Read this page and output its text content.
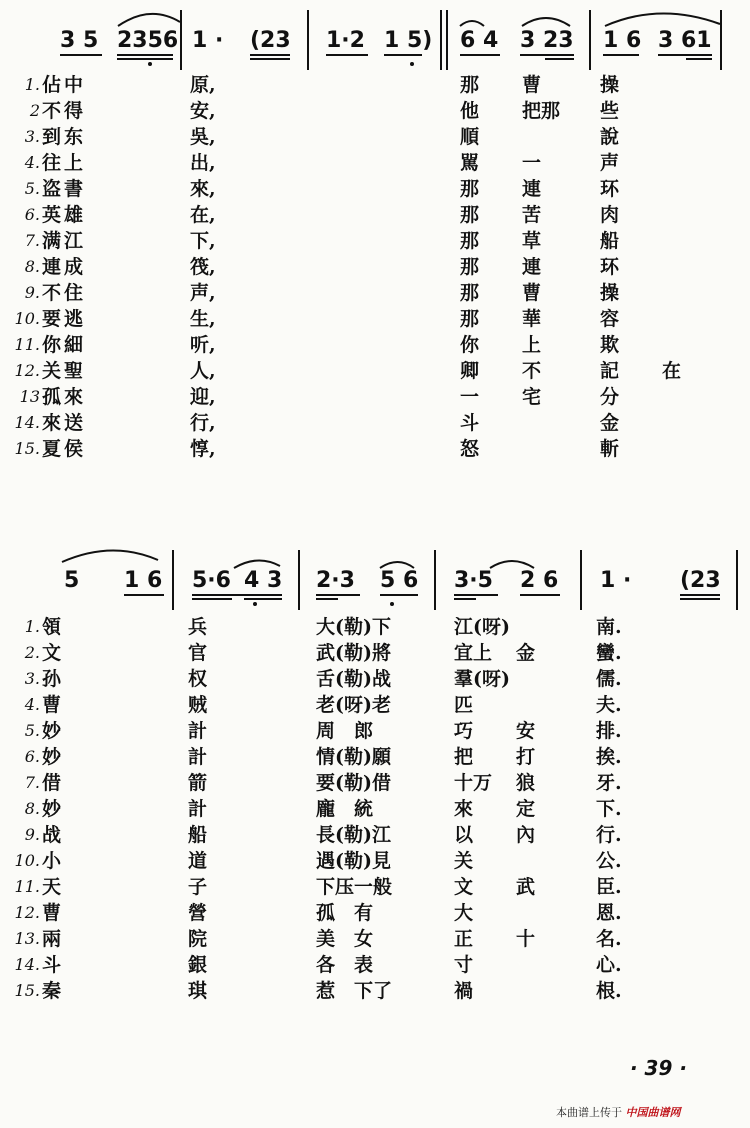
3 5 2356 1 · (23 1·2 1 5) 6 4 3 23 1 6 3 61
1. 佔 中	原,	那 曹	操
2 不 得	安,	他 把那 些
3. 到 东	吳,	順	說
4. 往 上	出,	駡 一	声
5. 盗 書	來,	那 連	环
6. 英 雄	在,	那 苦	肉
7. 满 江	下,	那 草	船
8. 連 成	筏,	那 連	环
9. 不 住	声,	那 曹	操
10. 要 逃	生,	那 華	容
11. 你 細	听,	你 上	欺
12. 关 聖	人,	卿 不	記 在
13 孤 來	迎,	一 宅	分
14. 來 送	行,	斗	金
15. 夏 侯	惇,	怒	斬
5 1 6 5·6 4 3 2·3 5 6 3·5 2 6 1 · (23
1. 領	兵	大(勒)下	江(呀)	南.
2. 文	官	武(勒)將	宜上 金	蠻.
3. 孙	权	舌(勒)战	羣(呀)	儒.
4. 曹	贼	老(呀)老	匹	夫.
5. 妙	計	周　郎	巧 安	排.
6. 妙	計	情(勒)願	把 打	挨.
7. 借	箭	要(勒)借	十万 狼	牙.
8. 妙	計	龐　統	來 定	下.
9. 战	船	長(勒)江	以 內	行.
10. 小	道	遇(勒)見	关	公.
11. 天	子	下压一般	文 武	臣.
12. 曹	營	孤　有	大	恩.
13. 兩	院	美　女	正 十	名.
14. 斗	銀	各　表	寸	心.
15. 秦	琪	惹　下了	禍	根.
· 39 ·
本曲谱上传于 中国曲谱网
